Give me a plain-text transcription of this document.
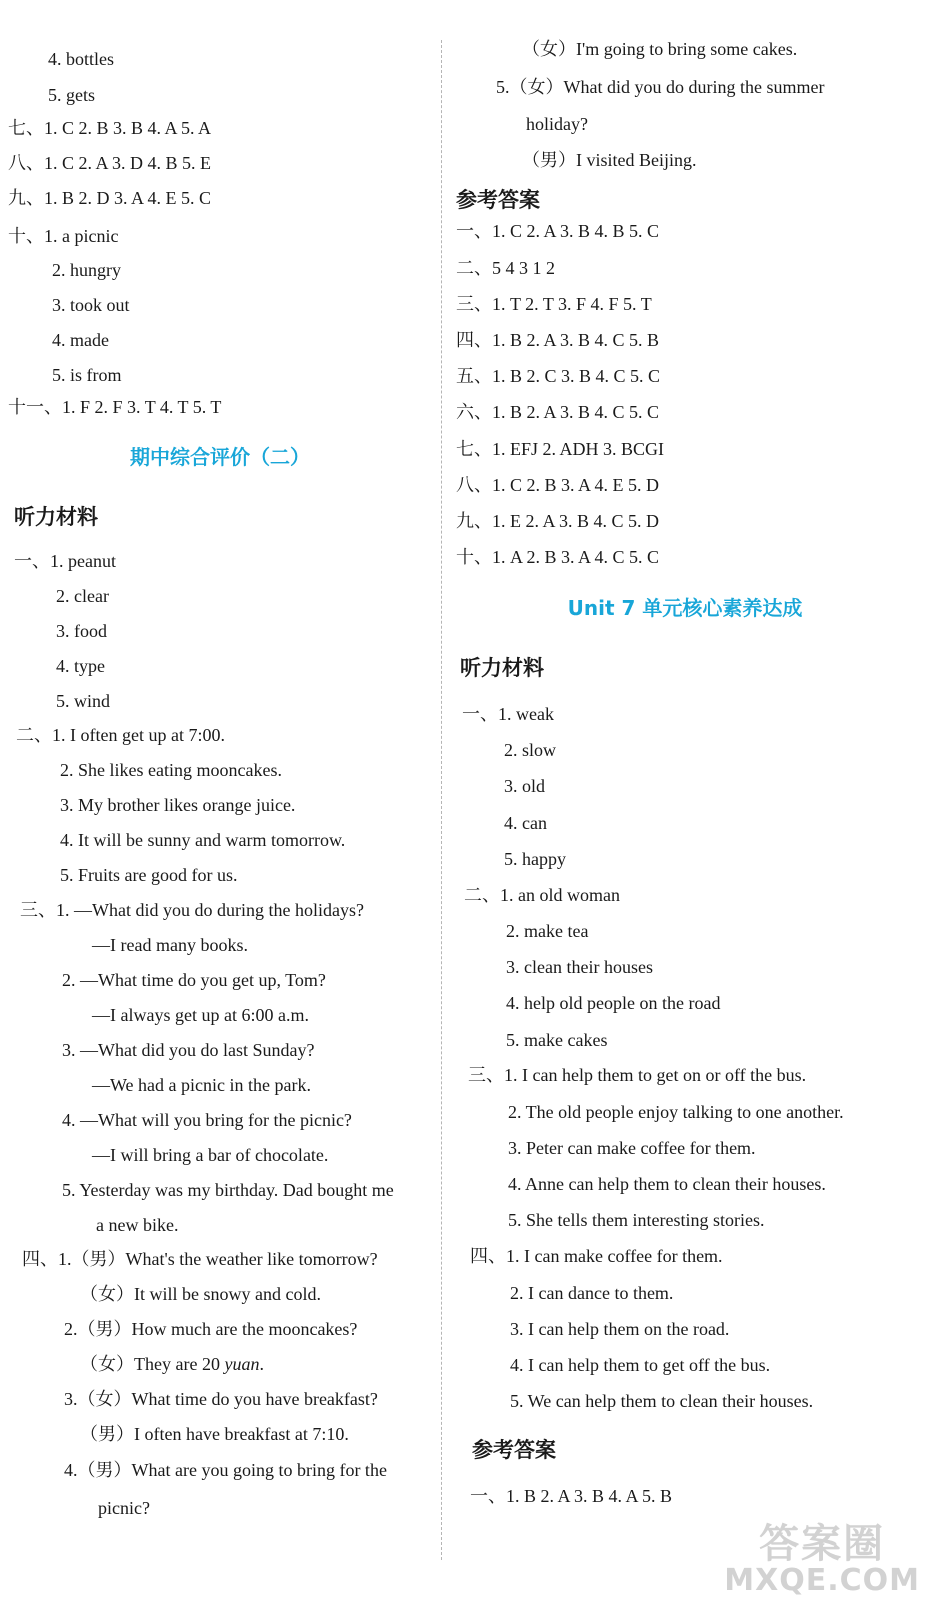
4. bottles
5. gets
七、1. C 2. B 3. B 4. A 5. A
八、1. C 2. A 3. D 4. B 5. E
九、1. B 2. D 3. A 4. E 5. C
十、1. a picnic
2. hungry
3. took out
4. made
5. is from
十一、1. F 2. F 3. T 4. T 5. T
期中综合评价（二）
听力材料
一、1. peanut
2. clear
3. food
4. type
5. wind
二、1. I often get up at 7:00.
2. She likes eating mooncakes.
3. My brother likes orange juice.
4. It will be sunny and warm tomorrow.
5. Fruits are good for us.
三、1. —What did you do during the holidays?
—I read many books.
2. —What time do you get up, Tom?
—I always get up at 6:00 a.m.
3. —What did you do last Sunday?
—We had a picnic in the park.
4. —What will you bring for the picnic?
—I will bring a bar of chocolate.
5. Yesterday was my birthday. Dad bought me
a new bike.
四、1.（男）What's the weather like tomorrow?
（女）It will be snowy and cold.
2.（男）How much are the mooncakes?
（女）They are 20 yuan.
3.（女）What time do you have breakfast?
（男）I often have breakfast at 7:10.
4.（男）What are you going to bring for the
picnic?
（女）I'm going to bring some cakes.
5.（女）What did you do during the summer
holiday?
（男）I visited Beijing.
参考答案
一、1. C 2. A 3. B 4. B 5. C
二、5 4 3 1 2
三、1. T 2. T 3. F 4. F 5. T
四、1. B 2. A 3. B 4. C 5. B
五、1. B 2. C 3. B 4. C 5. C
六、1. B 2. A 3. B 4. C 5. C
七、1. EFJ 2. ADH 3. BCGI
八、1. C 2. B 3. A 4. E 5. D
九、1. E 2. A 3. B 4. C 5. D
十、1. A 2. B 3. A 4. C 5. C
Unit 7 单元核心素养达成
听力材料
一、1. weak
2. slow
3. old
4. can
5. happy
二、1. an old woman
2. make tea
3. clean their houses
4. help old people on the road
5. make cakes
三、1. I can help them to get on or off the bus.
2. The old people enjoy talking to one another.
3. Peter can make coffee for them.
4. Anne can help them to clean their houses.
5. She tells them interesting stories.
四、1. I can make coffee for them.
2. I can dance to them.
3. I can help them on the road.
4. I can help them to get off the bus.
5. We can help them to clean their houses.
参考答案
一、1. B 2. A 3. B 4. A 5. B
答案圈
MXQE.COM
